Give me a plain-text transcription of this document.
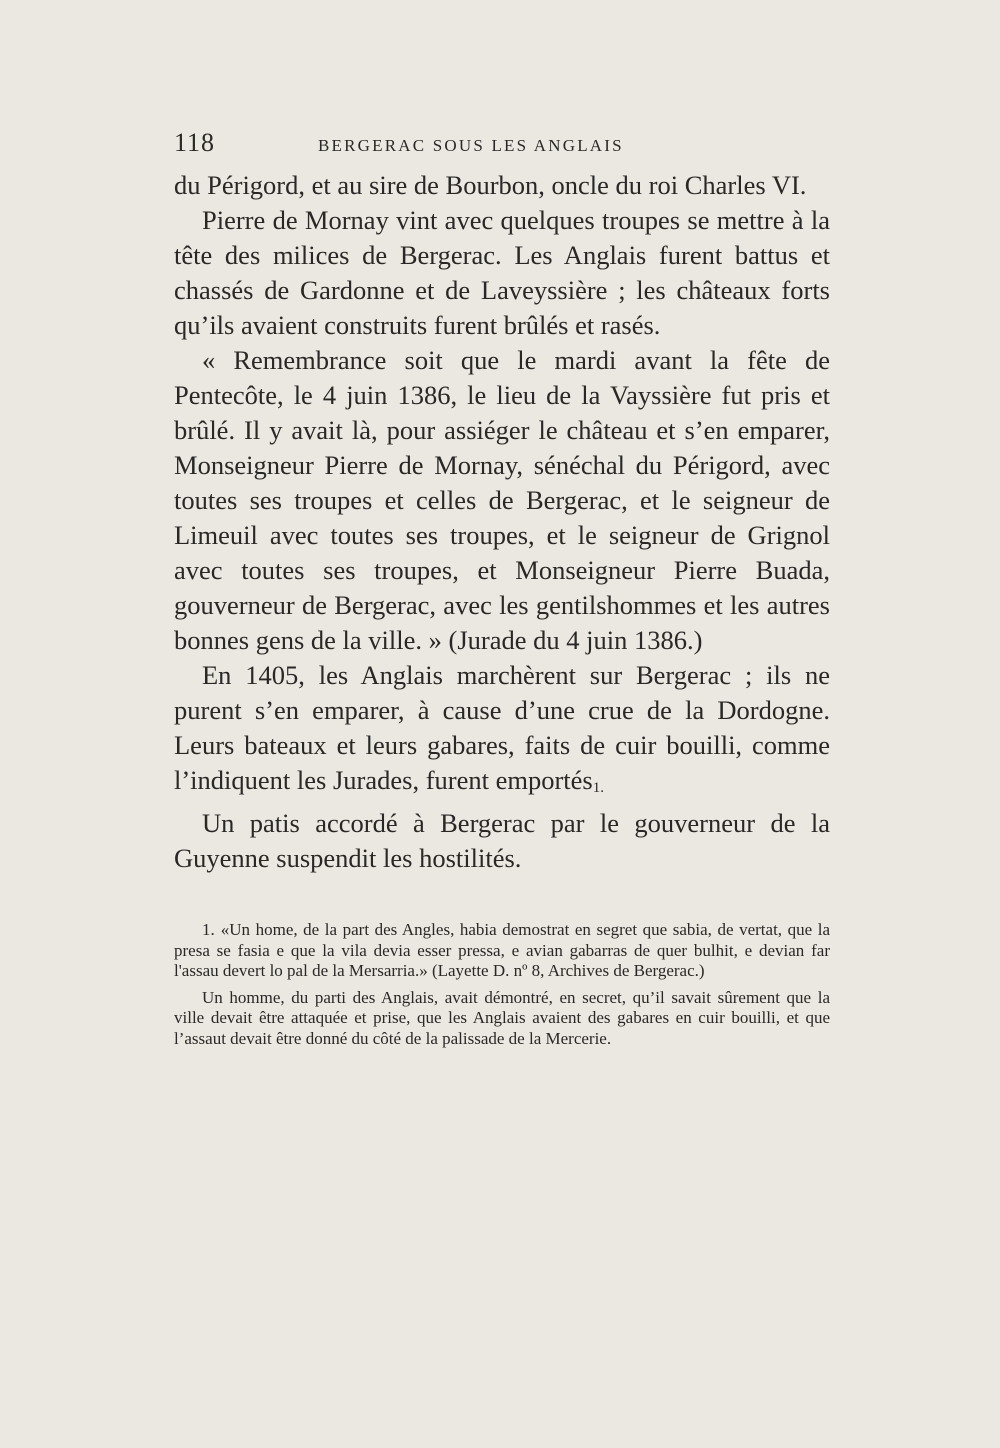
118	BERGERAC SOUS LES ANGLAIS

du Périgord, et au sire de Bourbon, oncle du roi Charles VI.

Pierre de Mornay vint avec quelques troupes se mettre à la tête des milices de Bergerac. Les Anglais furent battus et chassés de Gardonne et de Laveyssière ; les châteaux forts qu’ils avaient construits furent brûlés et rasés.

« Remembrance soit que le mardi avant la fête de Pentecôte, le 4 juin 1386, le lieu de la Vayssière fut pris et brûlé. Il y avait là, pour assiéger le château et s’en emparer, Monseigneur Pierre de Mornay, sénéchal du Périgord, avec toutes ses troupes et celles de Bergerac, et le seigneur de Limeuil avec toutes ses troupes, et le seigneur de Grignol avec toutes ses troupes, et Monseigneur Pierre Buada, gouverneur de Bergerac, avec les gentilshommes et les autres bonnes gens de la ville. » (Jurade du 4 juin 1386.)

En 1405, les Anglais marchèrent sur Bergerac ; ils ne purent s’en emparer, à cause d’une crue de la Dordogne. Leurs bateaux et leurs gabares, faits de cuir bouilli, comme l’indiquent les Jurades, furent emportés1.

Un patis accordé à Bergerac par le gouverneur de la Guyenne suspendit les hostilités.

1. «Un home, de la part des Angles, habia demostrat en segret que sabia, de vertat, que la presa se fasia e que la vila devia esser pressa, e avian gabarras de quer bulhit, e devian far l'assau devert lo pal de la Mersarria.» (Layette D. nº 8, Archives de Bergerac.)

Un homme, du parti des Anglais, avait démontré, en secret, qu’il savait sûrement que la ville devait être attaquée et prise, que les Anglais avaient des gabares en cuir bouilli, et que l’assaut devait être donné du côté de la palissade de la Mercerie.
